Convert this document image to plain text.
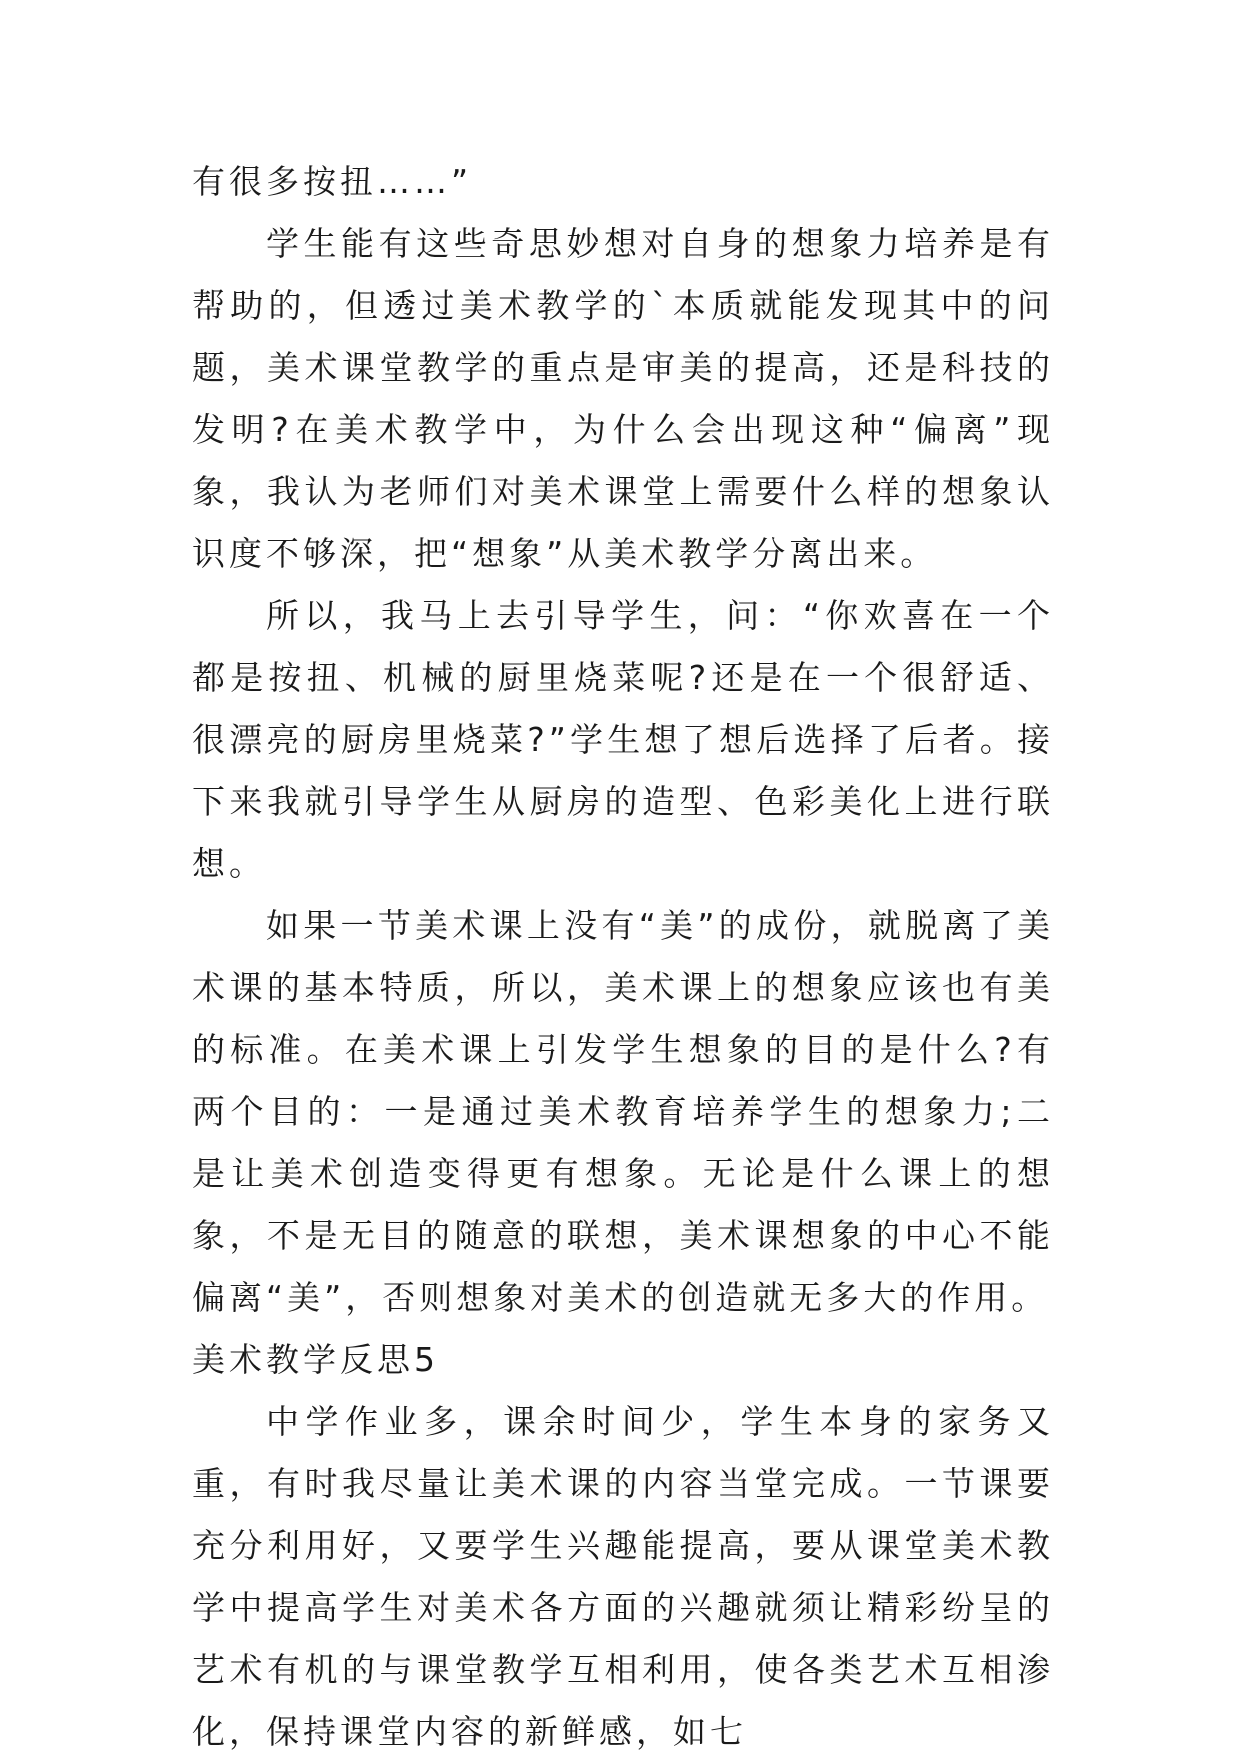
有很多按扭……”

学生能有这些奇思妙想对自身的想象力培养是有帮助的，但透过美术教学的`本质就能发现其中的问题，美术课堂教学的重点是审美的提高，还是科技的发明?在美术教学中，为什么会出现这种“偏离”现象，我认为老师们对美术课堂上需要什么样的想象认识度不够深，把“想象”从美术教学分离出来。

所以，我马上去引导学生，问：“你欢喜在一个都是按扭、机械的厨里烧菜呢?还是在一个很舒适、很漂亮的厨房里烧菜?”学生想了想后选择了后者。接下来我就引导学生从厨房的造型、色彩美化上进行联想。

如果一节美术课上没有“美”的成份，就脱离了美术课的基本特质，所以，美术课上的想象应该也有美的标准。在美术课上引发学生想象的目的是什么?有两个目的：一是通过美术教育培养学生的想象力;二是让美术创造变得更有想象。无论是什么课上的想象，不是无目的随意的联想，美术课想象的中心不能偏离“美”，否则想象对美术的创造就无多大的作用。

美术教学反思5

中学作业多，课余时间少，学生本身的家务又重，有时我尽量让美术课的内容当堂完成。一节课要充分利用好，又要学生兴趣能提高，要从课堂美术教学中提高学生对美术各方面的兴趣就须让精彩纷呈的艺术有机的与课堂教学互相利用，使各类艺术互相渗化，保持课堂内容的新鲜感，如七
